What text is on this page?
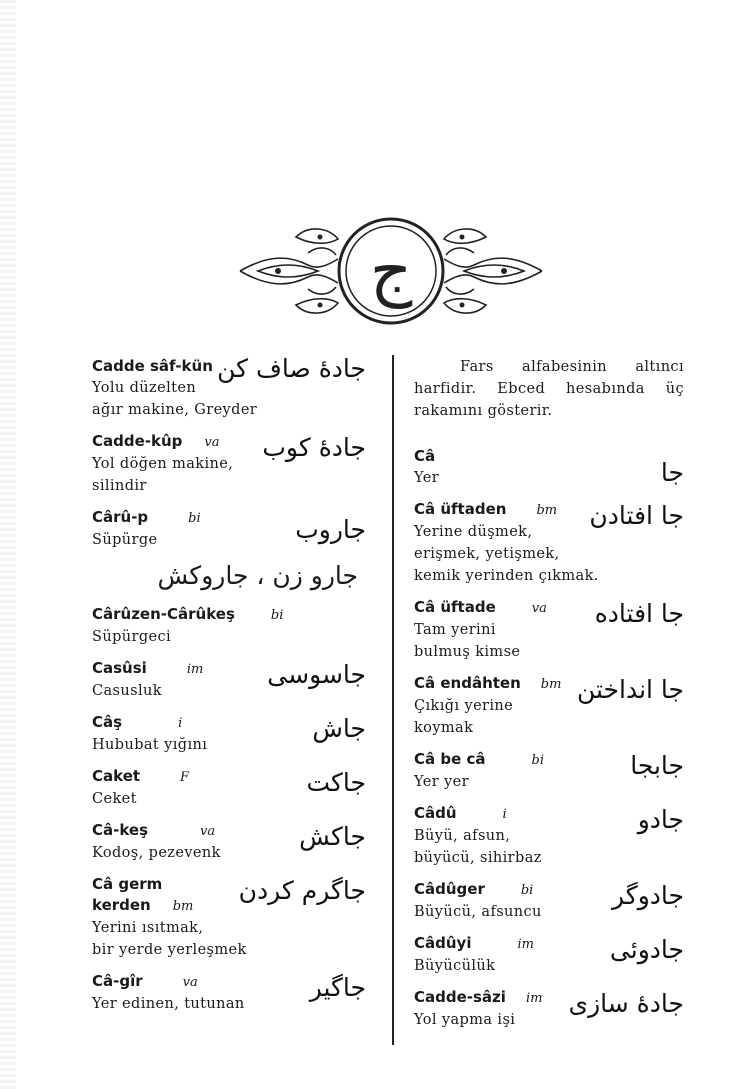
ج
Cadde sâf-kün
Yolu düzelten
ağır makine, Greyder
جادۀ صاف کن
Cadde-kûp va
Yol döğen makine,
silindir
جادۀ کوب
Cârû-p	bi
Süpürge	جاروب
جارو زن ، جاروکش
Cârûzen-Cârûkeş	bi
Süpürgeci
Casûsi	im
Casusluk
جاسوسی
Câş	i
Hububat yığını
جاش
Caket	F
Ceket
جاکت
Câ-keş	va
Kodoş, pezevenk
جاکش
Câ germ kerden bm
Yerini ısıtmak,
bir yerde yerleşmek
جاگرم کردن
Câ-gîr	va
Yer edinen, tutunan
جاگیر

Fars alfabesinin altıncı harfidir. Ebced hesabında üç rakamını gösterir.

Câ
Yer	جا
Câ üftaden bm
Yerine düşmek,
erişmek, yetişmek,
kemik yerinden çıkmak.
جا افتادن
Câ üftade	va
Tam yerini
bulmuş kimse
جا افتاده
Câ endâhten bm
Çıkığı yerine
koymak
جا انداختن
Câ be câ	bi
Yer yer
جابجا
Câdû	i
Büyü, afsun,
büyücü, sihirbaz
جادو
Câdûger	bi
Büyücü, afsuncu
جادوگر
Câdûyi	im
Büyücülük
جادوئی
Cadde-sâzi im
Yol yapma işi
جادۀ سازی
